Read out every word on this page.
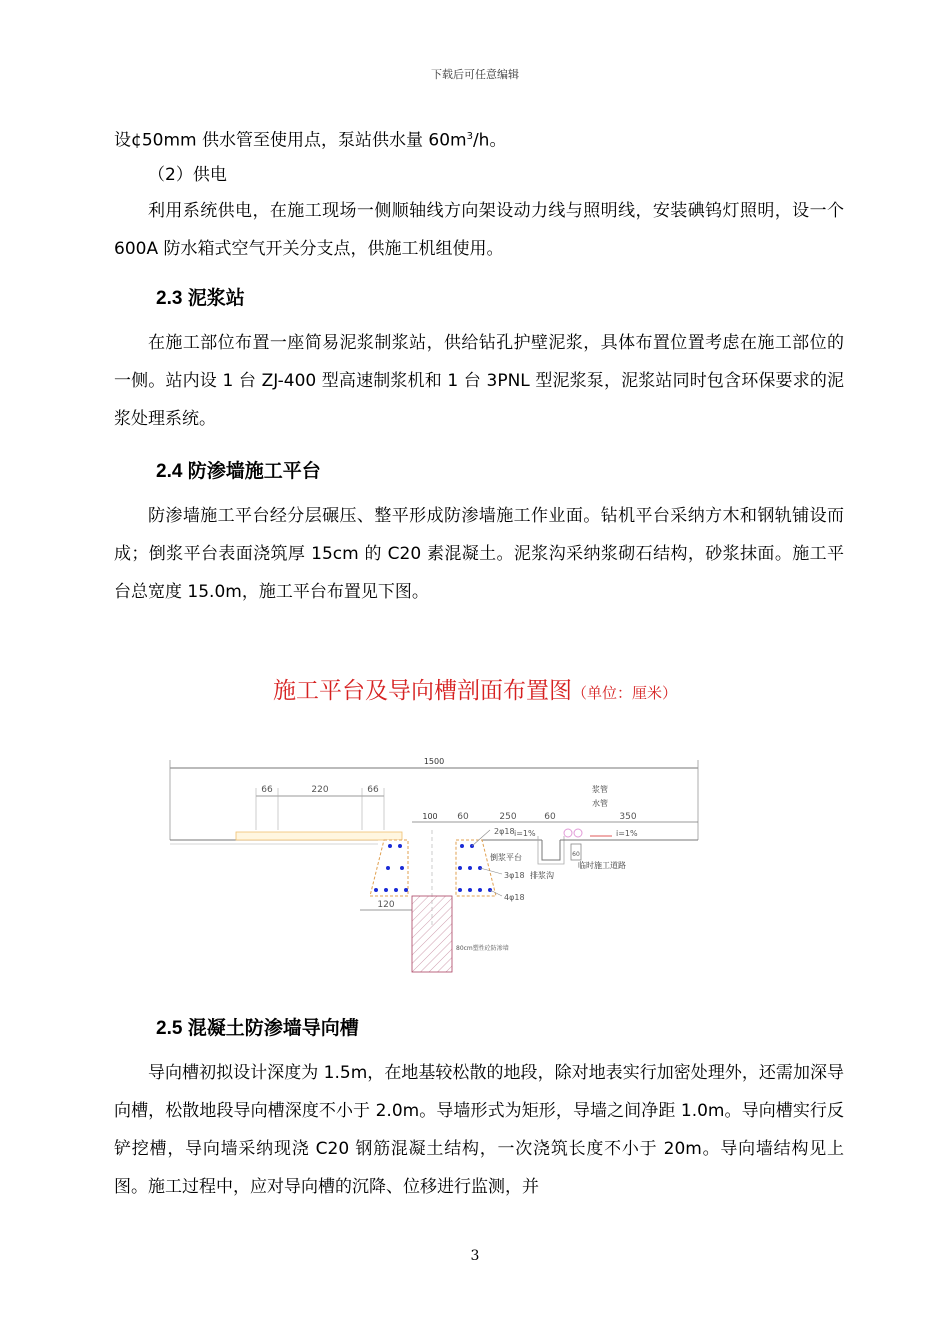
下载后可任意编辑
设¢50mm 供水管至使用点，泵站供水量 $60m^3/h$。
（2）供电
利用系统供电，在施工现场一侧顺轴线方向架设动力线与照明线，安装碘钨灯照明，设一个 600A 防水箱式空气开关分支点，供施工机组使用。
2.3 泥浆站
在施工部位布置一座简易泥浆制浆站，供给钻孔护壁泥浆，具体布置位置考虑在施工部位的一侧。站内设 1 台 ZJ-400 型高速制浆机和 1 台 3PNL 型泥浆泵，泥浆站同时包含环保要求的泥浆处理系统。
2.4 防渗墙施工平台
防渗墙施工平台经分层碾压、整平形成防渗墙施工作业面。钻机平台采纳方木和钢轨铺设而成；倒浆平台表面浇筑厚 15cm 的 C20 素混凝土。泥浆沟采纳浆砌石结构，砂浆抹面。施工平台总宽度 15.0m，施工平台布置见下图。
施工平台及导向槽剖面布置图（单位：厘米）
1500
66	220	66
100 60	250	60	350
浆管
水管
60
i=1%	i=1%
2φ18
3φ18
4φ18
倒浆平台
排浆沟
临时施工道路
120
80cm塑性砼防渗墙
2.5 混凝土防渗墙导向槽
导向槽初拟设计深度为 1.5m，在地基较松散的地段，除对地表实行加密处理外，还需加深导向槽，松散地段导向槽深度不小于 2.0m。导墙形式为矩形，导墙之间净距 1.0m。导向槽实行反铲挖槽，导向墙采纳现浇 C20 钢筋混凝土结构，一次浇筑长度不小于 20m。导向墙结构见上图。施工过程中，应对导向槽的沉降、位移进行监测，并
3
